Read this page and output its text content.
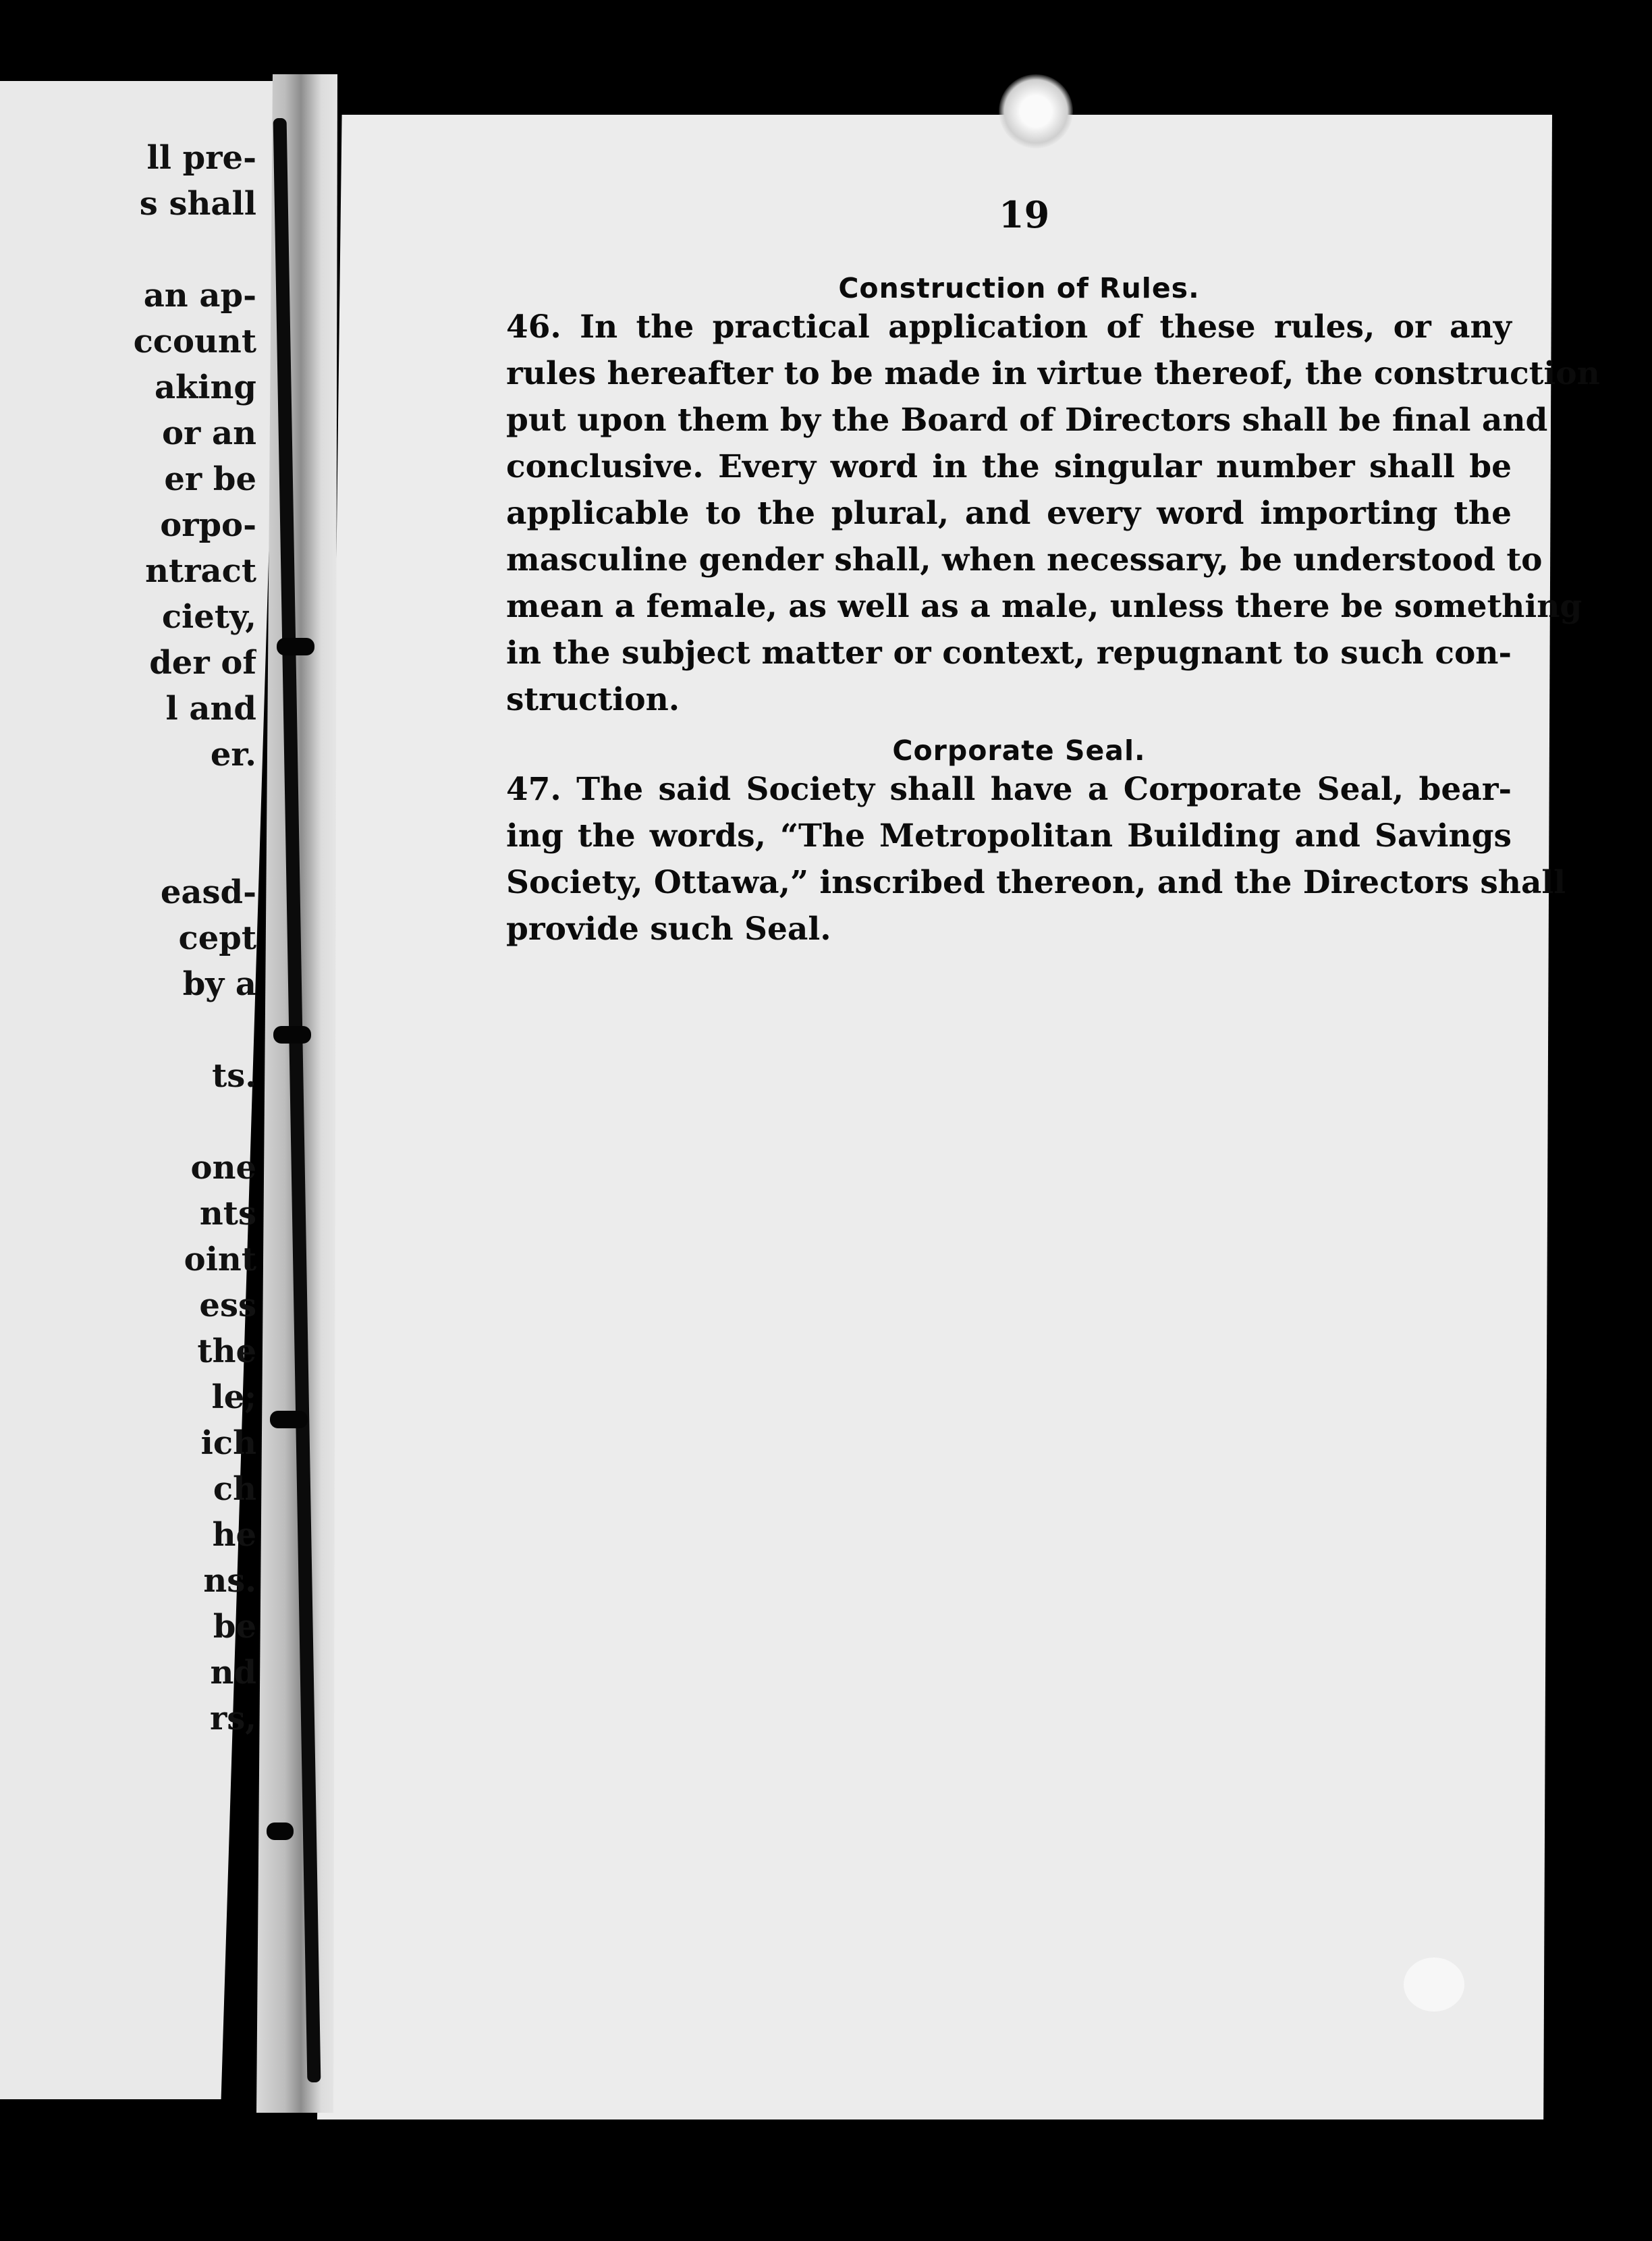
ll pre-
s shall
an ap-
ccount
aking
or an
er be
orpo-
ntract
ciety,
der of
l and
er.
easd-
cept
by a
ts.
one
nts
oint
ess
the
le;
ich
ch
he
ns.
be
nd
rs,
19
Construction of Rules.
46. In the practical application of these rules, or any
rules hereafter to be made in virtue thereof, the construction
put upon them by the Board of Directors shall be final and
conclusive. Every word in the singular number shall be
applicable to the plural, and every word importing the
masculine gender shall, when necessary, be understood to
mean a female, as well as a male, unless there be something
in the subject matter or context, repugnant to such con-
struction.
Corporate Seal.
47. The said Society shall have a Corporate Seal, bear-
ing the words, “The Metropolitan Building and Savings
Society, Ottawa,” inscribed thereon, and the Directors shall
provide such Seal.
